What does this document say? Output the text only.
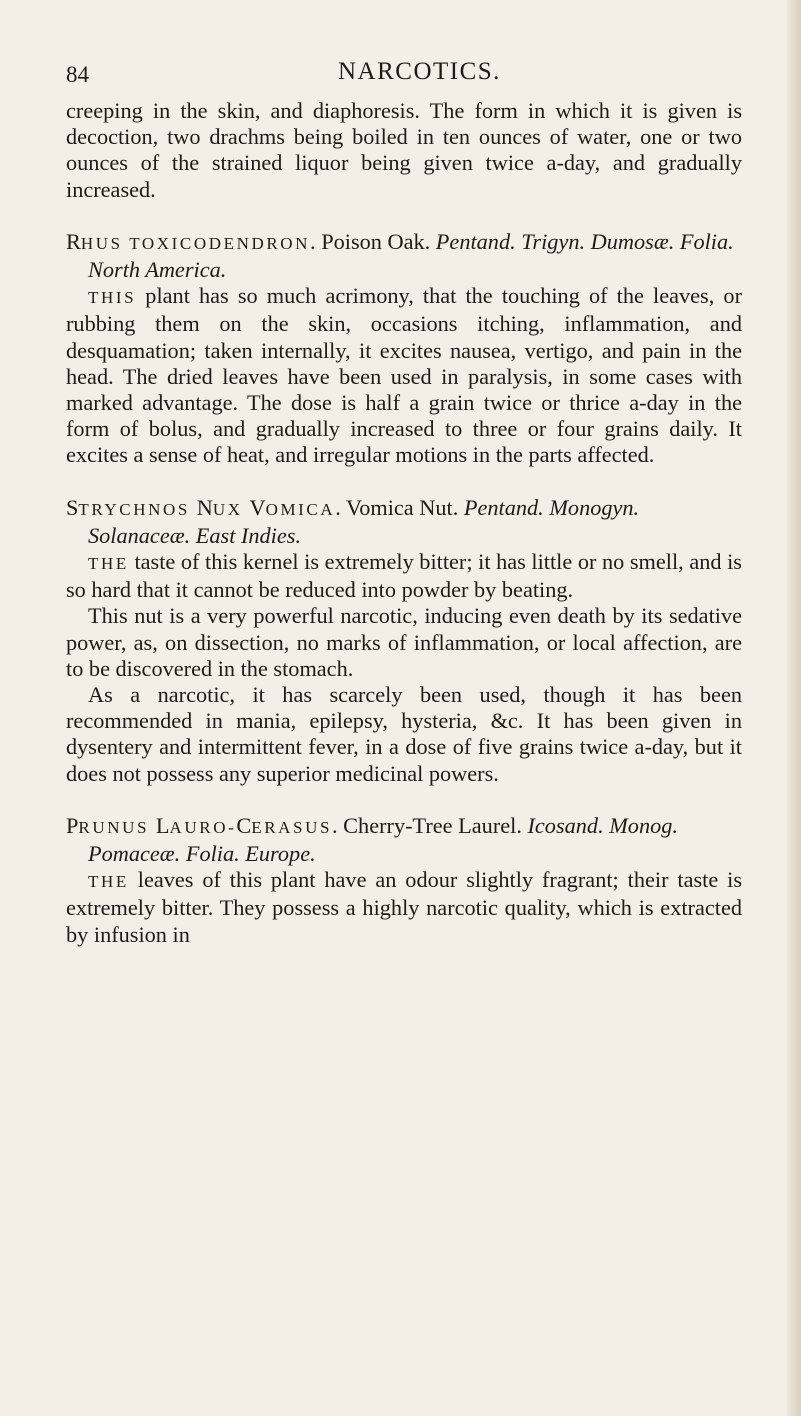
84	NARCOTICS.

creeping in the skin, and diaphoresis. The form in which it is given is decoction, two drachms being boiled in ten ounces of water, one or two ounces of the strained liquor being given twice a-day, and gradually increased.

RHUS TOXICODENDRON. Poison Oak. Pentand. Trigyn. Dumosæ. Folia. North America.

THIS plant has so much acrimony, that the touching of the leaves, or rubbing them on the skin, occasions itching, inflammation, and desquamation; taken internally, it excites nausea, vertigo, and pain in the head. The dried leaves have been used in paralysis, in some cases with marked advantage. The dose is half a grain twice or thrice a-day in the form of bolus, and gradually increased to three or four grains daily. It excites a sense of heat, and irregular motions in the parts affected.

STRYCHNOS NUX VOMICA. Vomica Nut. Pentand. Monogyn. Solanaceæ. East Indies.

THE taste of this kernel is extremely bitter; it has little or no smell, and is so hard that it cannot be reduced into powder by beating.

This nut is a very powerful narcotic, inducing even death by its sedative power, as, on dissection, no marks of inflammation, or local affection, are to be discovered in the stomach.

As a narcotic, it has scarcely been used, though it has been recommended in mania, epilepsy, hysteria, &c. It has been given in dysentery and intermittent fever, in a dose of five grains twice a-day, but it does not possess any superior medicinal powers.

PRUNUS LAURO-CERASUS. Cherry-Tree Laurel. Icosand. Monog. Pomaceæ. Folia. Europe.

THE leaves of this plant have an odour slightly fragrant; their taste is extremely bitter. They possess a highly narcotic quality, which is extracted by infusion in
